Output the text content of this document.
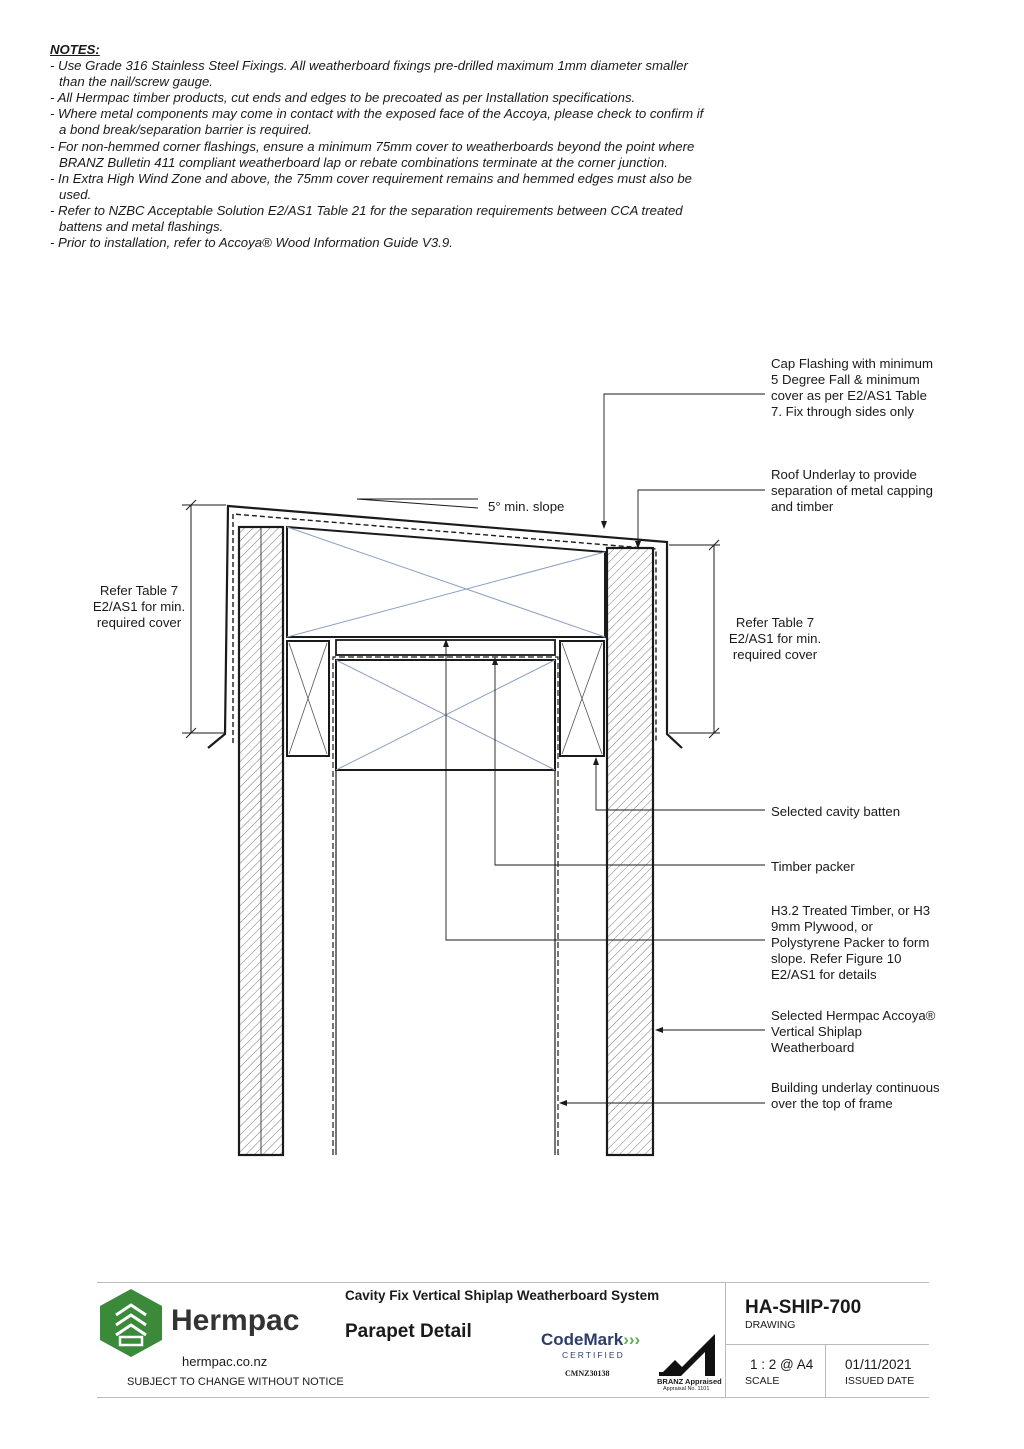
NOTES:
- Use Grade 316 Stainless Steel Fixings. All weatherboard fixings pre-drilled maximum 1mm diameter smaller than the nail/screw gauge.
- All Hermpac timber products, cut ends and edges to be precoated as per Installation specifications.
- Where metal components may come in contact with the exposed face of the Accoya, please check to confirm if a bond break/separation barrier is required.
- For non-hemmed corner flashings, ensure a minimum 75mm cover to weatherboards beyond the point where BRANZ Bulletin 411 compliant weatherboard lap or rebate combinations terminate at the corner junction.
- In Extra High Wind Zone and above, the 75mm cover requirement remains and hemmed edges must also be used.
- Refer to NZBC Acceptable Solution E2/AS1 Table 21 for the separation requirements between CCA treated battens and metal flashings.
- Prior to installation, refer to Accoya® Wood Information Guide V3.9.
Cap Flashing with minimum 5 Degree Fall & minimum cover as per E2/AS1 Table 7. Fix through sides only
Roof Underlay to provide separation of metal capping and timber
5° min. slope
Refer Table 7 E2/AS1 for min. required cover	Refer Table 7 E2/AS1 for min. required cover
Selected cavity batten
Timber packer
H3.2 Treated Timber, or H3 9mm Plywood, or Polystyrene Packer to form slope. Refer Figure 10 E2/AS1 for details
Selected Hermpac Accoya® Vertical Shiplap Weatherboard
Building underlay continuous over the top of frame
Hermpac
hermpac.co.nz
SUBJECT TO CHANGE WITHOUT NOTICE
Cavity Fix Vertical Shiplap Weatherboard System
Parapet Detail	CodeMark›››
CERTIFIED
CMNZ30138
BRANZ Appraised
Appraisal No. 1101
HA-SHIP-700
DRAWING
1 : 2 @ A4
SCALE
01/11/2021
ISSUED DATE
